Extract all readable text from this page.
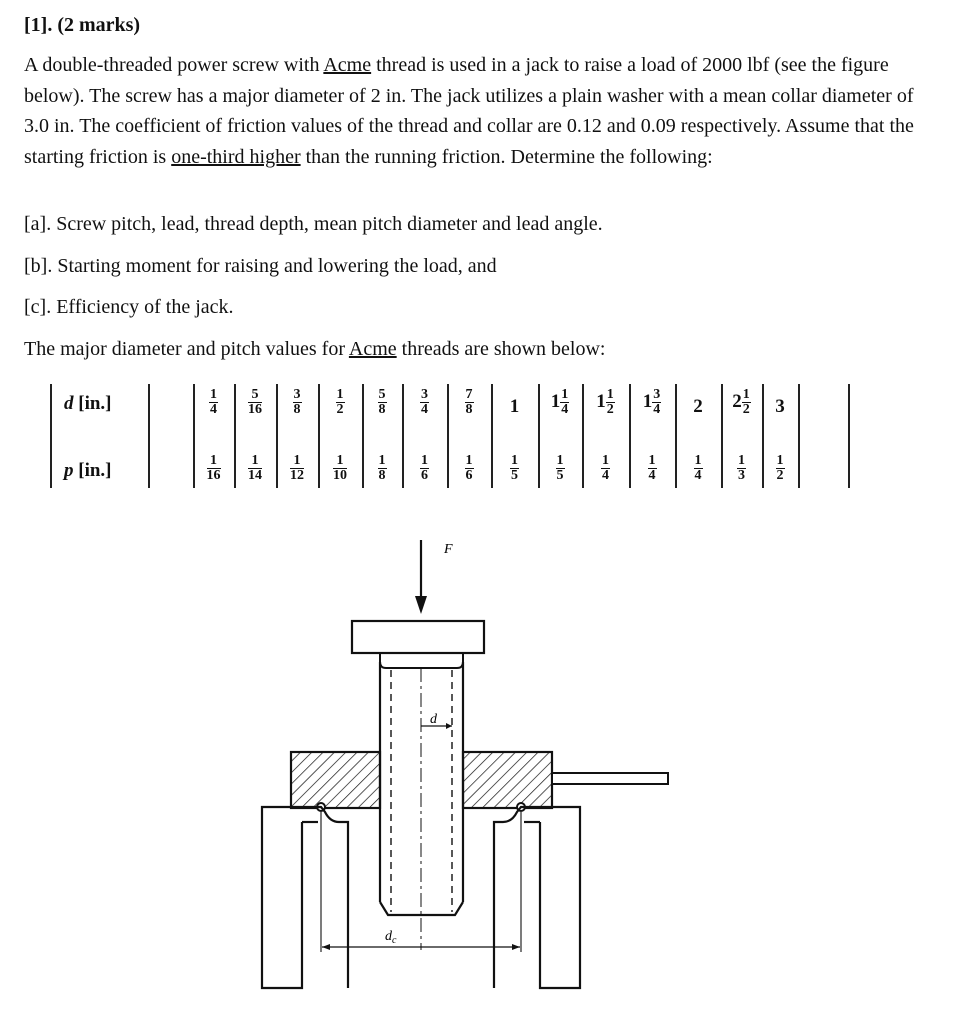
[1]. (2 marks)
A double-threaded power screw with Acme thread is used in a jack to raise a load of 2000 lbf (see the figure below). The screw has a major diameter of 2 in. The jack utilizes a plain washer with a mean collar diameter of 3.0 in. The coefficient of friction values of the thread and collar are 0.12 and 0.09 respectively. Assume that the starting friction is one-third higher than the running friction. Determine the following:
[a]. Screw pitch, lead, thread depth, mean pitch diameter and lead angle.
[b]. Starting moment for raising and lowering the load, and
[c]. Efficiency of the jack.
The major diameter and pitch values for Acme threads are shown below:
d [in.]
p [in.]
$\frac{1}{4}$
$\frac{1}{16}$
$\frac{5}{16}$
$\frac{1}{14}$
$\frac{3}{8}$
$\frac{1}{12}$
$\frac{1}{2}$
$\frac{1}{10}$
$\frac{5}{8}$
$\frac{1}{8}$
$\frac{3}{4}$
$\frac{1}{6}$
$\frac{7}{8}$
$\frac{1}{6}$
1
$\frac{1}{5}$
$1 \frac{1}{4}$
$\frac{1}{5}$
$1 \frac{1}{2}$
$\frac{1}{4}$
$1 \frac{3}{4}$
$\frac{1}{4}$
2
$\frac{1}{4}$
$2 \frac{1}{2}$
$\frac{1}{3}$
3
$\frac{1}{2}$
F
d
$d_c$
